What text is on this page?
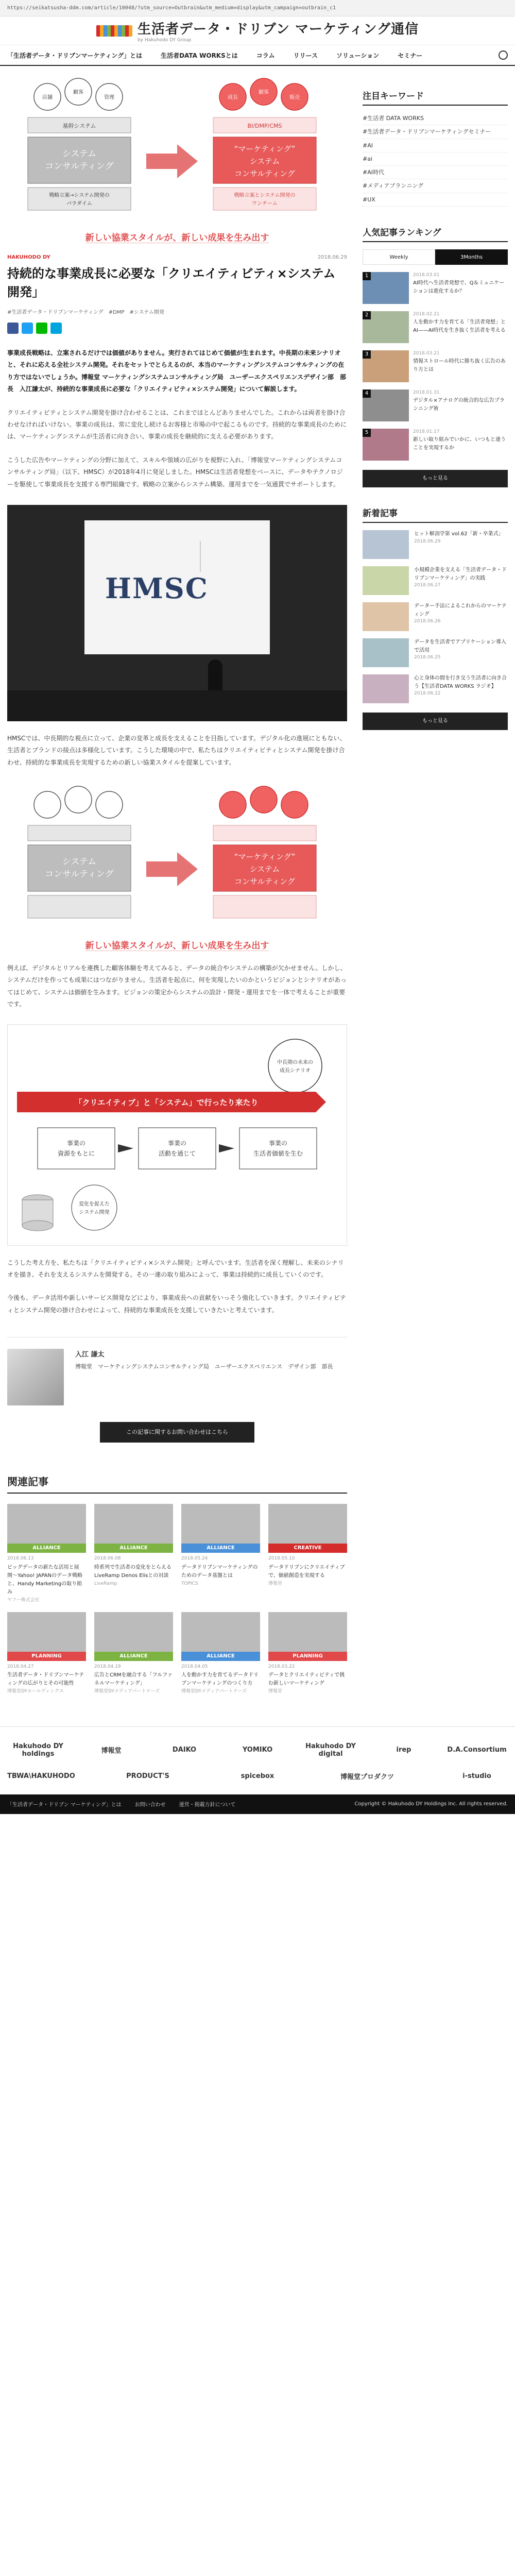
https://seikatsusha-ddm.com/article/10048/?utm_source=Outbrain&utm_medium=display&utm_campaign=outbrain_c1
生活者データ・ドリブン マーケティング通信
by Hakuhodo DY Group
「生活者データ・ドリブンマーケティング」とは	生活者DATA WORKSとは	コラム	リリース	ソリューション	セミナー
店舗
顧客
管理
基幹システム
システム
コンサルティング
戦略立案→システム開発の
パラダイム
成長
顧客
販売
BI/DMP/CMS
“マーケティング”
システム
コンサルティング
戦略立案とシステム開発の
ワンチーム
新しい協業スタイルが、新しい成果を生み出す
HAKUHODO DY	2018.06.29
持続的な事業成長に必要な「クリエイティビティ×システム開発」
#生活者データ・ドリブンマーケティング　#DMP　#システム開発

事業成長戦略は、立案されるだけでは価値がありません。実行されてはじめて価値が生まれます。中長期の未来シナリオと、それに応える全社システム開発。それをセットでとらえるのが、本当のマーケティングシステムコンサルティングの在り方ではないでしょうか。博報堂 マーケティングシステムコンサルティング局　ユーザーエクスペリエンスデザイン部　部長　入江謙太が、持続的な事業成長に必要な「クリエイティビティ×システム開発」について解説します。

クリエイティビティとシステム開発を掛け合わせることは、これまでほとんどありませんでした。これからは両者を掛け合わせなければいけない。事業の成長は、常に変化し続けるお客様と市場の中で起こるものです。持続的な事業成長のためには、マーケティングシステムが生活者に向き合い、事業の成長を継続的に支える必要があります。

こうした広告やマーケティングの分野に加えて、スキルや領域の広がりを視野に入れ、「博報堂マーケティングシステムコンサルティング局」（以下、HMSC）が2018年4月に発足しました。HMSCは生活者発想をベースに、データやテクノロジーを駆使して事業成長を支援する専門組織です。戦略の立案からシステム構築、運用までを一気通貫でサポートします。

HMSC

HMSCでは、中長期的な視点に立って、企業の変革と成長を支えることを目指しています。デジタル化の進展にともない、生活者とブランドの接点は多様化しています。こうした環境の中で、私たちはクリエイティビティとシステム開発を掛け合わせ、持続的な事業成長を実現するための新しい協業スタイルを提案しています。

システム
コンサルティング
“マーケティング”
システム
コンサルティング
新しい協業スタイルが、新しい成果を生み出す

例えば、デジタルとリアルを連携した顧客体験を考えてみると、データの統合やシステムの構築が欠かせません。しかし、システムだけを作っても成果にはつながりません。生活者を起点に、何を実現したいのかというビジョンとシナリオがあってはじめて、システムは価値を生みます。ビジョンの策定からシステムの設計・開発・運用までを一体で考えることが重要です。

中長期の未来の
成長シナリオ
「クリエイティブ」と「システム」で行ったり来たり
事業の
資源をもとに
事業の
活動を通じて
事業の
生活者価値を生む
変化を捉えた
システム開発

こうした考え方を、私たちは「クリエイティビティ×システム開発」と呼んでいます。生活者を深く理解し、未来のシナリオを描き、それを支えるシステムを開発する。その一連の取り組みによって、事業は持続的に成長していくのです。

今後も、データ活用や新しいサービス開発などにより、事業成長への貢献をいっそう強化していきます。クリエイティビティとシステム開発の掛け合わせによって、持続的な事業成長を支援していきたいと考えています。

入江 謙太
博報堂　マーケティングシステムコンサルティング局　ユーザーエクスペリエンス　デザイン部　部長
この記事に関するお問い合わせはこちら
関連記事
ALLIANCE
2018.06.13
ビッグデータの新たな活用と展開〜Yahoo! JAPANのデータ戦略と、Handy Marketingの取り組み
ヤフー株式会社
ALLIANCE
2018.06.08
時系列で生活者の変化をとらえるLiveRamp Denos Elisとの対談
LiveRamp
ALLIANCE
2018.05.24
データドリブンマーケティングのためのデータ基盤とは
TOPICS
CREATIVE
2018.05.10
データドリブンにクリエイティブで、価値創造を実現する
博報堂
PLANNING
2018.04.27
生活者データ・ドリブンマーケティングの広がりとその可能性
博報堂DYホールディングス
ALLIANCE
2018.04.19
広告とCRMを融合する「フルファネルマーケティング」
博報堂DYメディアパートナーズ
ALLIANCE
2018.04.05
人を動かす力を育てるデータドリブンマーケティングのつくり方
博報堂DYメディアパートナーズ
PLANNING
2018.03.22
データとクリエイティビティで挑む新しいマーケティング
博報堂
注目キーワード
#生活者 DATA WORKS
#生活者データ・ドリブンマーケティングセミナー
#AI
#ai
#AI時代
#メディアプランニング
#UX
人気記事ランキング
Weekly	3Months
1	2018.03.01
AI時代へ生活者発想で、Q＆ミュニケーションは進化するか？
2	2018.02.21
人を動かす力を育てる「生活者発想」とAI——AI時代を生き抜く生活者を考える
3	2018.03.21
情報ストロール時代に勝ち抜く広告のあり方とは
4	2018.01.31
デジタル×アナログの統合的な広告プランニング術
5	2018.01.17
新しい取り組みでいかに、いつもと違うことを実現するか
もっと見る
新着記事
ヒット解剖学第 vol.62「新・卒業式」
2018.06.29
小規模企業を支える「生活者データ・ドリブンマーケティング」の実践
2018.06.27
データー手法によるこれからのマーケティング
2018.06.26
データを生活者でアプリケーション導入で活用
2018.06.25
心と身体の間を行き交う生活者に向き合う【生活者DATA WORKS ラジオ】
2018.06.22
もっと見る
Hakuhodo DY holdings	博報堂	DAIKO	YOMIKO	Hakuhodo DY digital	irep	D.A.Consortium
TBWA\HAKUHODO	PRODUCT'S	spicebox	博報堂プロダクツ	i-studio
「生活者データ・ドリブン マーケティング」とは	お問い合わせ	運営・掲載方針について	Copyright © Hakuhodo DY Holdings Inc. All rights reserved.
